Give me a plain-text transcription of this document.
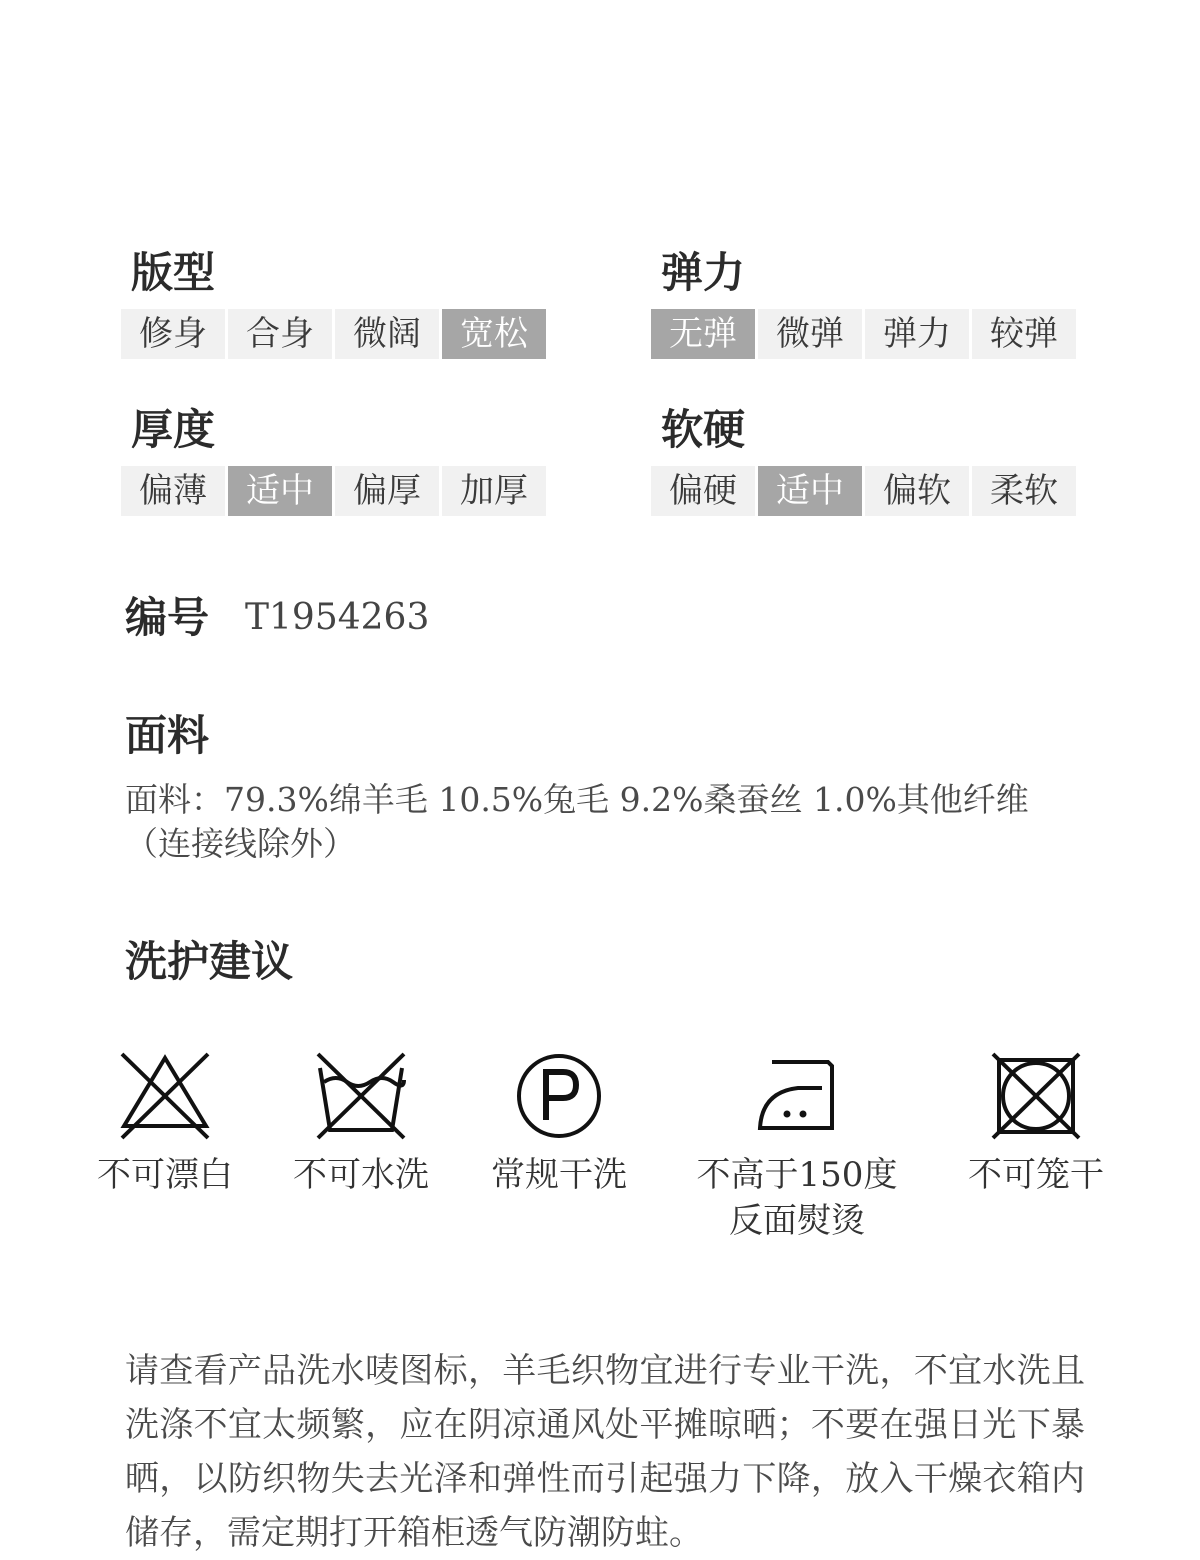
版型
修身	合身	微阔	宽松
弹力
无弹	微弹	弹力	较弹
厚度
偏薄	适中	偏厚	加厚
软硬
偏硬	适中	偏软	柔软
编号 T1954263
面料
面料：79.3%绵羊毛 10.5%兔毛 9.2%桑蚕丝 1.0%其他纤维（连接线除外）
洗护建议
不可漂白	不可水洗	常规干洗	不高于150度
反面熨烫
不可笼干
请查看产品洗水唛图标，羊毛织物宜进行专业干洗，不宜水洗且洗涤不宜太频繁，应在阴凉通风处平摊晾晒；不要在强日光下暴晒，以防织物失去光泽和弹性而引起强力下降，放入干燥衣箱内储存，需定期打开箱柜透气防潮防蛀。
